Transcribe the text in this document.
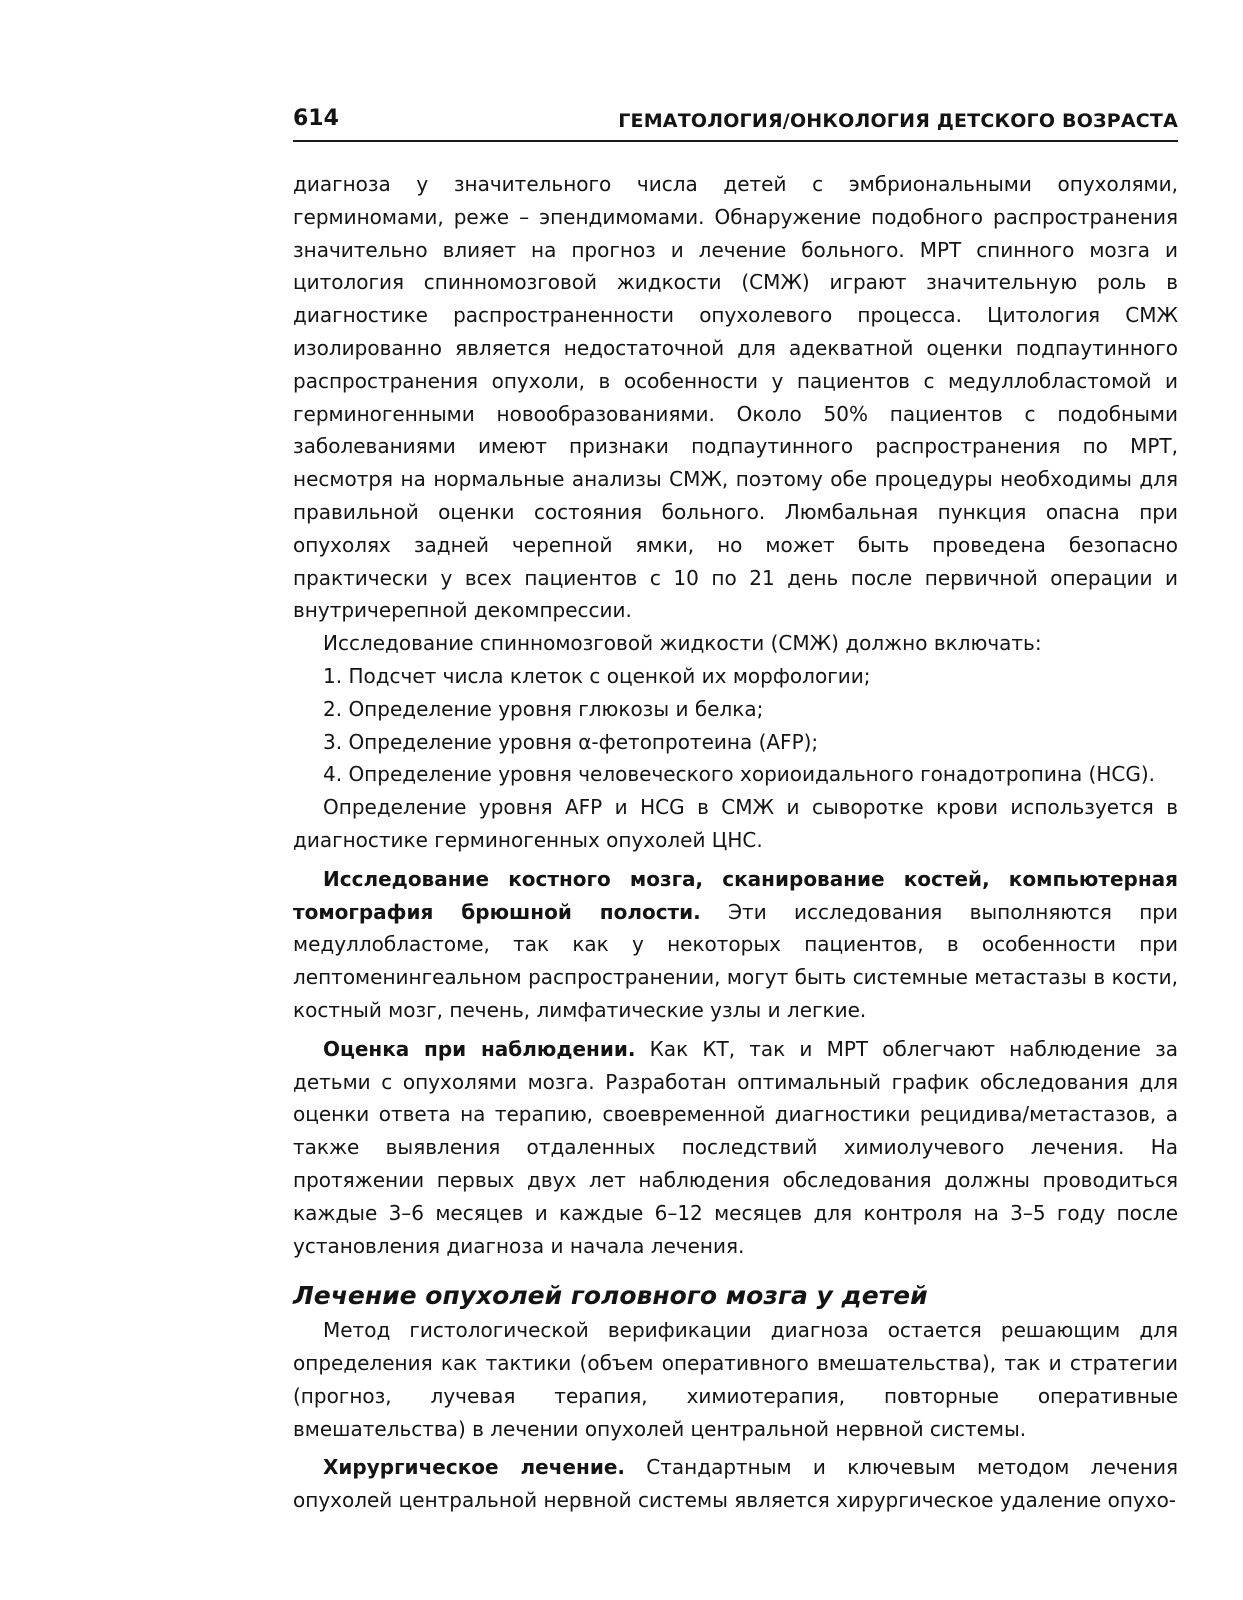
614	ГЕМАТОЛОГИЯ/ОНКОЛОГИЯ ДЕТСКОГО ВОЗРАСТА

диагноза у значительного числа детей с эмбриональными опухолями, герминомами, реже – эпендимомами. Обнаружение подобного распространения значительно влияет на прогноз и лечение больного. МРТ спинного мозга и цитология спинномозговой жидкости (СМЖ) играют значительную роль в диагностике распространенности опухолевого процесса. Цитология СМЖ изолированно является недостаточной для адекватной оценки подпаутинного распространения опухоли, в особенности у пациентов с медуллобластомой и герминогенными новообразованиями. Около 50% пациентов с подобными заболеваниями имеют признаки подпаутинного распространения по МРТ, несмотря на нормальные анализы СМЖ, поэтому обе процедуры необходимы для правильной оценки состояния больного. Люмбальная пункция опасна при опухолях задней черепной ямки, но может быть проведена безопасно практически у всех пациентов с 10 по 21 день после первичной операции и внутричерепной декомпрессии.

Исследование спинномозговой жидкости (СМЖ) должно включать:

1. Подсчет числа клеток с оценкой их морфологии;
2. Определение уровня глюкозы и белка;
3. Определение уровня α-фетопротеина (AFP);
4. Определение уровня человеческого хориоидального гонадотропина (HCG).

Определение уровня AFP и HCG в СМЖ и сыворотке крови используется в диагностике герминогенных опухолей ЦНС.

Исследование костного мозга, сканирование костей, компьютерная томография брюшной полости. Эти исследования выполняются при медуллобластоме, так как у некоторых пациентов, в особенности при лептоменингеальном распространении, могут быть системные метастазы в кости, костный мозг, печень, лимфатические узлы и легкие.

Оценка при наблюдении. Как КТ, так и МРТ облегчают наблюдение за детьми с опухолями мозга. Разработан оптимальный график обследования для оценки ответа на терапию, своевременной диагностики рецидива/метастазов, а также выявления отдаленных последствий химиолучевого лечения. На протяжении первых двух лет наблюдения обследования должны проводиться каждые 3–6 месяцев и каждые 6–12 месяцев для контроля на 3–5 году после установления диагноза и начала лечения.

Лечение опухолей головного мозга у детей

Метод гистологической верификации диагноза остается решающим для определения как тактики (объем оперативного вмешательства), так и стратегии (прогноз, лучевая терапия, химиотерапия, повторные оперативные вмешательства) в лечении опухолей центральной нервной системы.

Хирургическое лечение. Стандартным и ключевым методом лечения опухолей центральной нервной системы является хирургическое удаление опухо-
